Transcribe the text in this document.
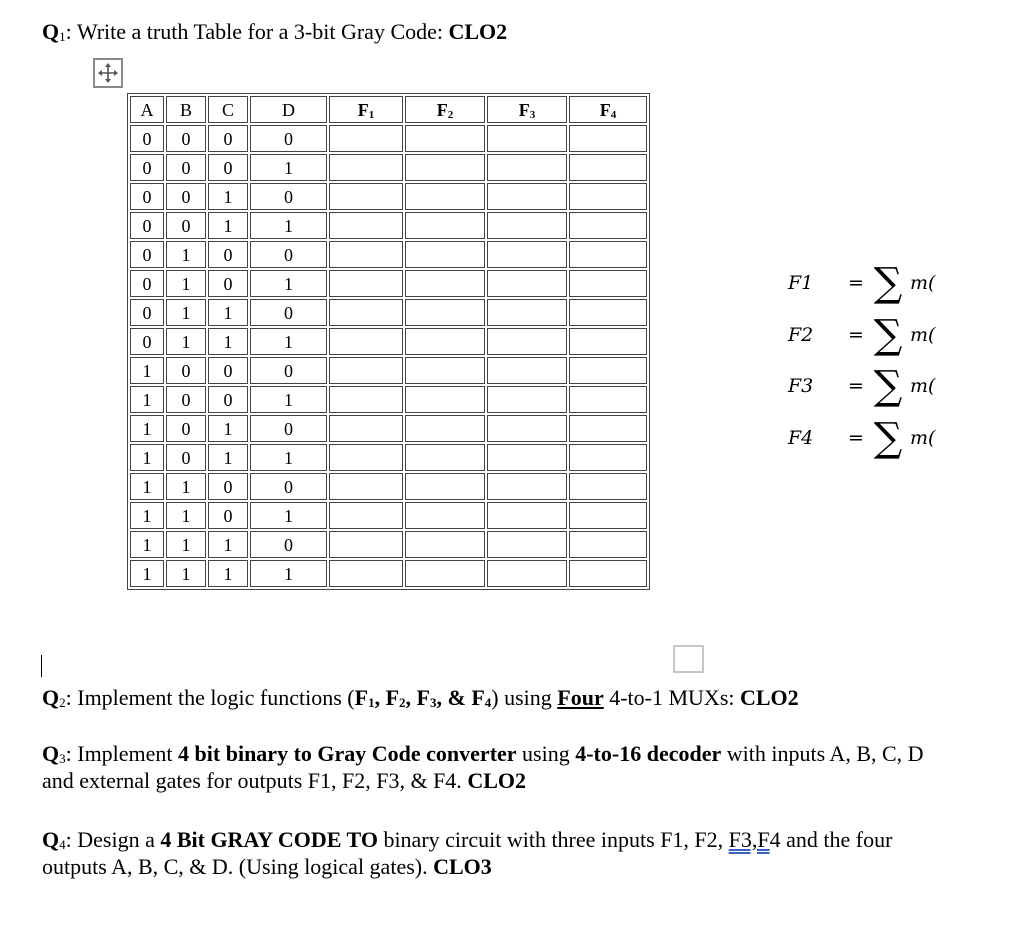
$Q_1$: Write a truth Table for a 3-bit Gray Code: CLO2

A	B	C	D	$F_1$	$F_2$	$F_3$	$F_4$
0	0	0	0				
0	0	0	1				
0	0	1	0				
0	0	1	1				
0	1	0	0				
0	1	0	1				
0	1	1	0				
0	1	1	1				
1	0	0	0				
1	0	0	1				
1	0	1	0				
1	0	1	1				
1	1	0	0				
1	1	0	1				
1	1	1	0				
1	1	1	1				
F1	= ∑ m(
F2	= ∑ m(
F3	= ∑ m(
F4	= ∑ m(

$Q_2$: Implement the logic functions ($F_1$, $F_2$, $F_3$, & $F_4$) using Four 4-to-1 MUXs: CLO2

$Q_3$: Implement 4 bit binary to Gray Code converter using 4-to-16 decoder with inputs A, B, C, D and external gates for outputs F1, F2, F3, & F4. CLO2

$Q_4$: Design a 4 Bit GRAY CODE TO binary circuit with three inputs F1, F2, F3,F4 and the four outputs A, B, C, & D. (Using logical gates). CLO3
